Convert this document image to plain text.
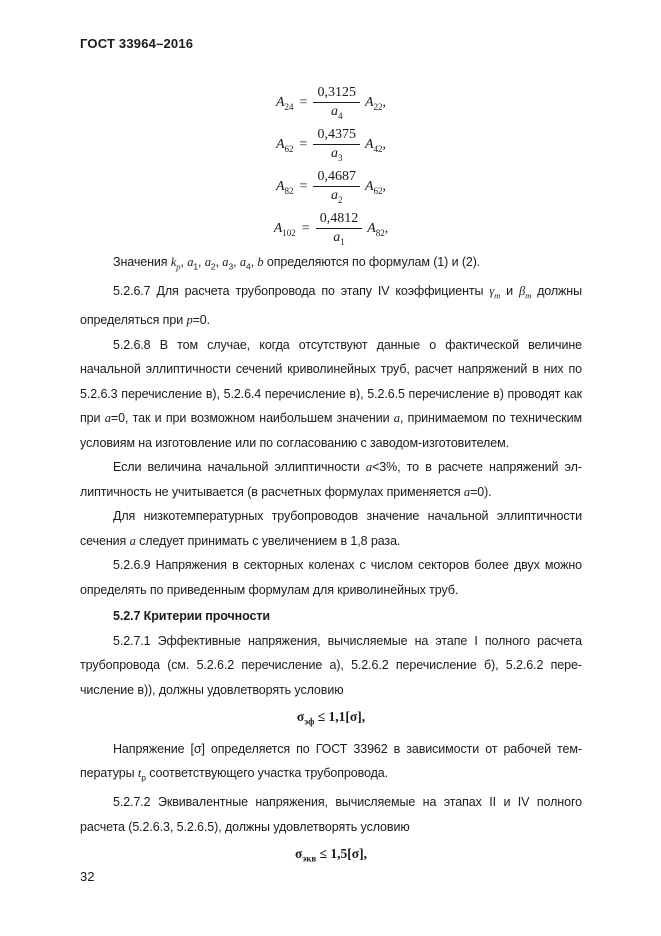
ГОСТ 33964–2016
$A_{24} = \frac{0,3125}{a_4} A_{22}$,
$A_{62} = \frac{0,4375}{a_3} A_{42}$,
$A_{82} = \frac{0,4687}{a_2} A_{62}$,
$A_{102} = \frac{0,4812}{a_1} A_{82}$,

Значения $k_p$, $a_1$, $a_2$, $a_3$, $a_4$, b определяются по формулам (1) и (2).

5.2.6.7 Для расчета трубопровода по этапу IV коэффициенты $\gamma_m$ и $\beta_m$ должны определяться при p=0.

5.2.6.8 В том случае, когда отсутствуют данные о фактической величине начальной эллиптичности сечений криволинейных труб, расчет напряжений в них по 5.2.6.3 перечисление в), 5.2.6.4 перечисление в), 5.2.6.5 перечисление в) проводят как при a=0, так и при возможном наибольшем значении a, принимаемом по техническим условиям на изготовление или по согласованию с заводом-изготовителем.

Если величина начальной эллиптичности a<3%, то в расчете напряжений эллиптичность не учитывается (в расчетных формулах применяется a=0).

Для низкотемпературных трубопроводов значение начальной эллиптичности сечения a следует принимать с увеличением в 1,8 раза.

5.2.6.9 Напряжения в секторных коленах с числом секторов более двух можно определять по приведенным формулам для криволинейных труб.

5.2.7 Критерии прочности

5.2.7.1 Эффективные напряжения, вычисляемые на этапе I полного расчета трубопровода (см. 5.2.6.2 перечисление а), 5.2.6.2 перечисление б), 5.2.6.2 перечисление в)), должны удовлетворять условию

$\sigma_{эф} \le 1,1[\sigma]$,

Напряжение [σ] определяется по ГОСТ 33962 в зависимости от рабочей температуры $t_р$ соответствующего участка трубопровода.

5.2.7.2 Эквивалентные напряжения, вычисляемые на этапах II и IV полного расчета (5.2.6.3, 5.2.6.5), должны удовлетворять условию

$\sigma_{экв} \le 1,5[\sigma]$,
32
